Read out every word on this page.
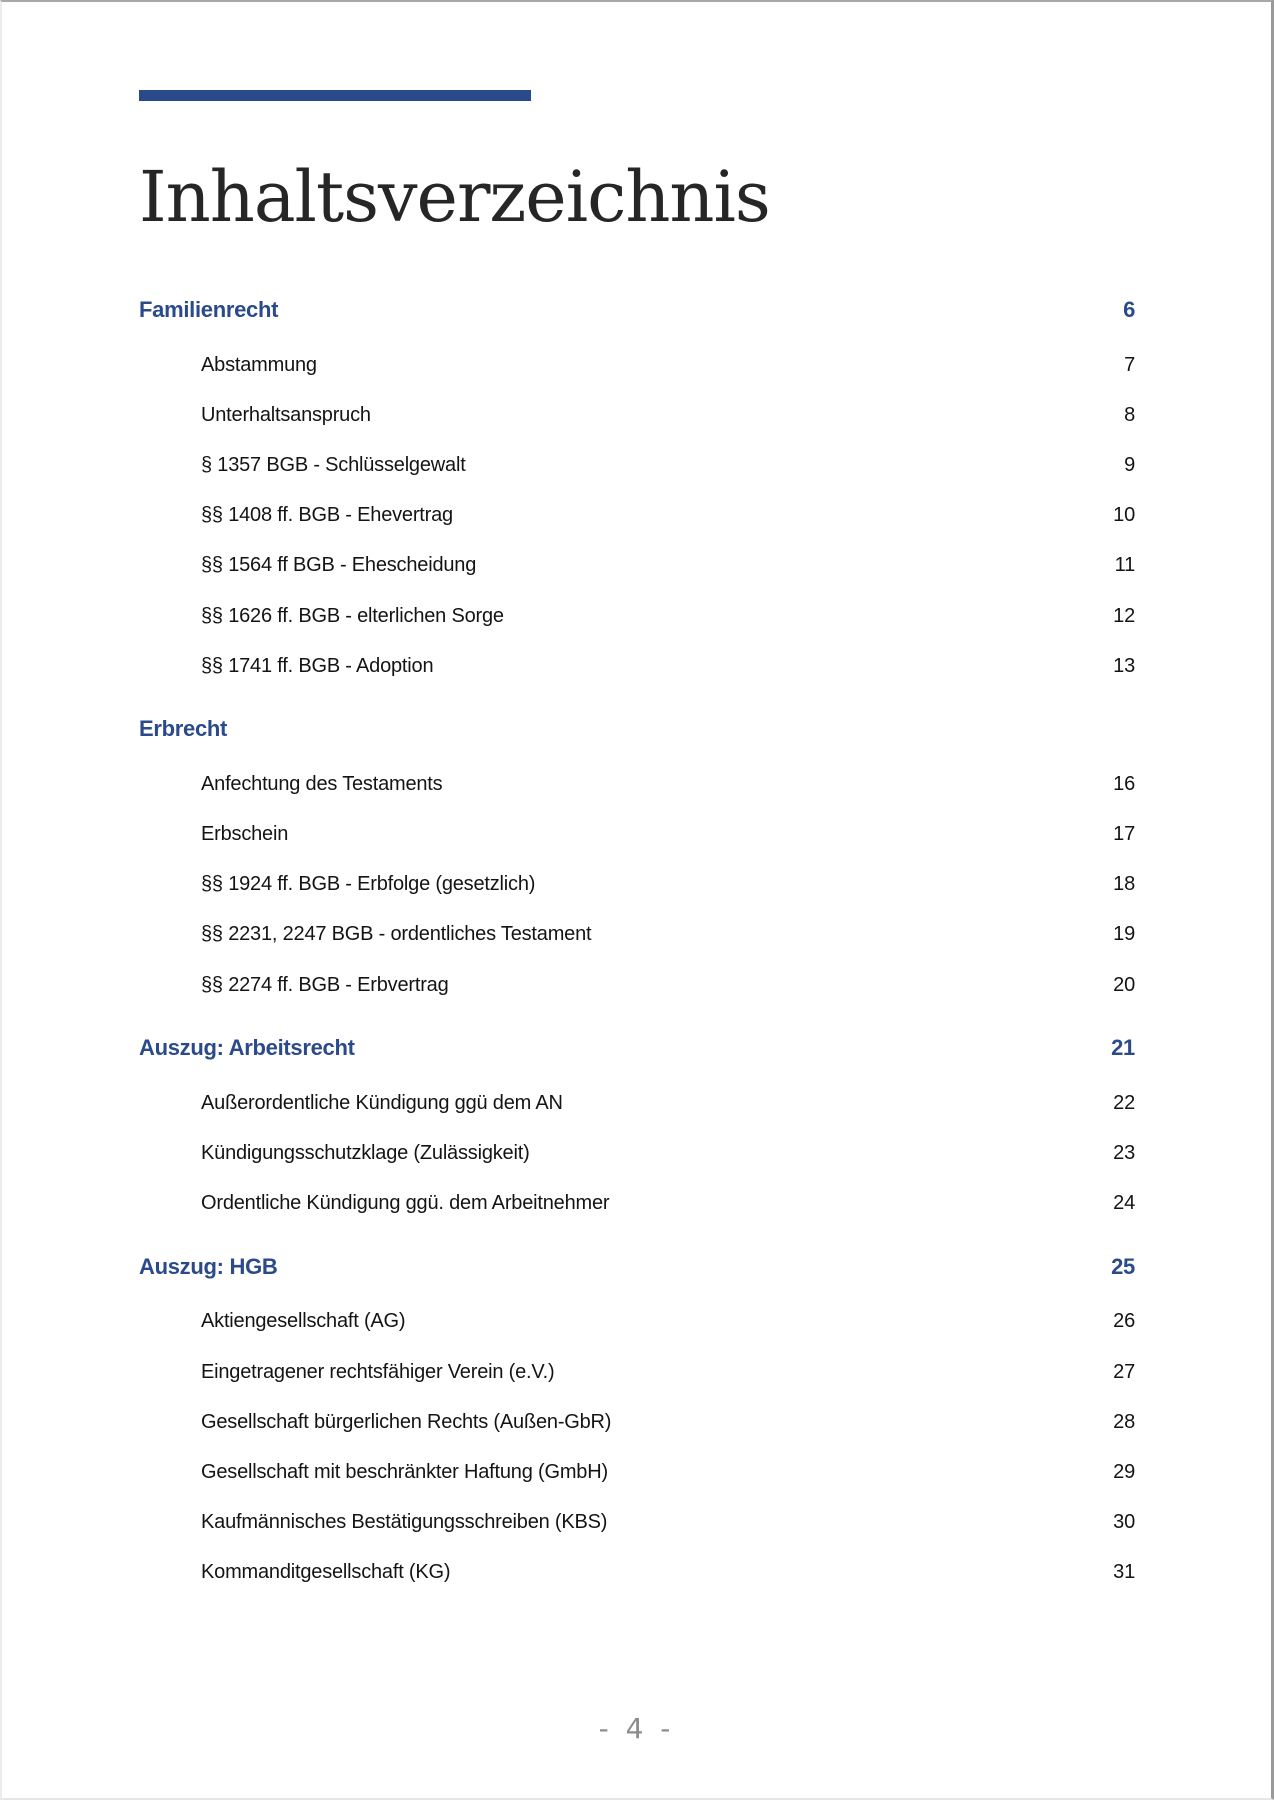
Inhaltsverzeichnis
Familienrecht	6
Abstammung	7
Unterhaltsanspruch	8
§ 1357 BGB - Schlüsselgewalt	9
§§ 1408 ff. BGB - Ehevertrag	10
§§ 1564 ff BGB - Ehescheidung	11
§§ 1626 ff. BGB - elterlichen Sorge	12
§§ 1741 ff. BGB - Adoption	13
Erbrecht
Anfechtung des Testaments	16
Erbschein	17
§§ 1924 ff. BGB - Erbfolge (gesetzlich)	18
§§ 2231, 2247 BGB - ordentliches Testament	19
§§ 2274 ff. BGB - Erbvertrag	20
Auszug: Arbeitsrecht	21
Außerordentliche Kündigung ggü dem AN	22
Kündigungsschutzklage (Zulässigkeit)	23
Ordentliche Kündigung ggü. dem Arbeitnehmer	24
Auszug: HGB	25
Aktiengesellschaft (AG)	26
Eingetragener rechtsfähiger Verein (e.V.)	27
Gesellschaft bürgerlichen Rechts (Außen-GbR)	28
Gesellschaft mit beschränkter Haftung (GmbH)	29
Kaufmännisches Bestätigungsschreiben (KBS)	30
Kommanditgesellschaft (KG)	31
- 4 -
